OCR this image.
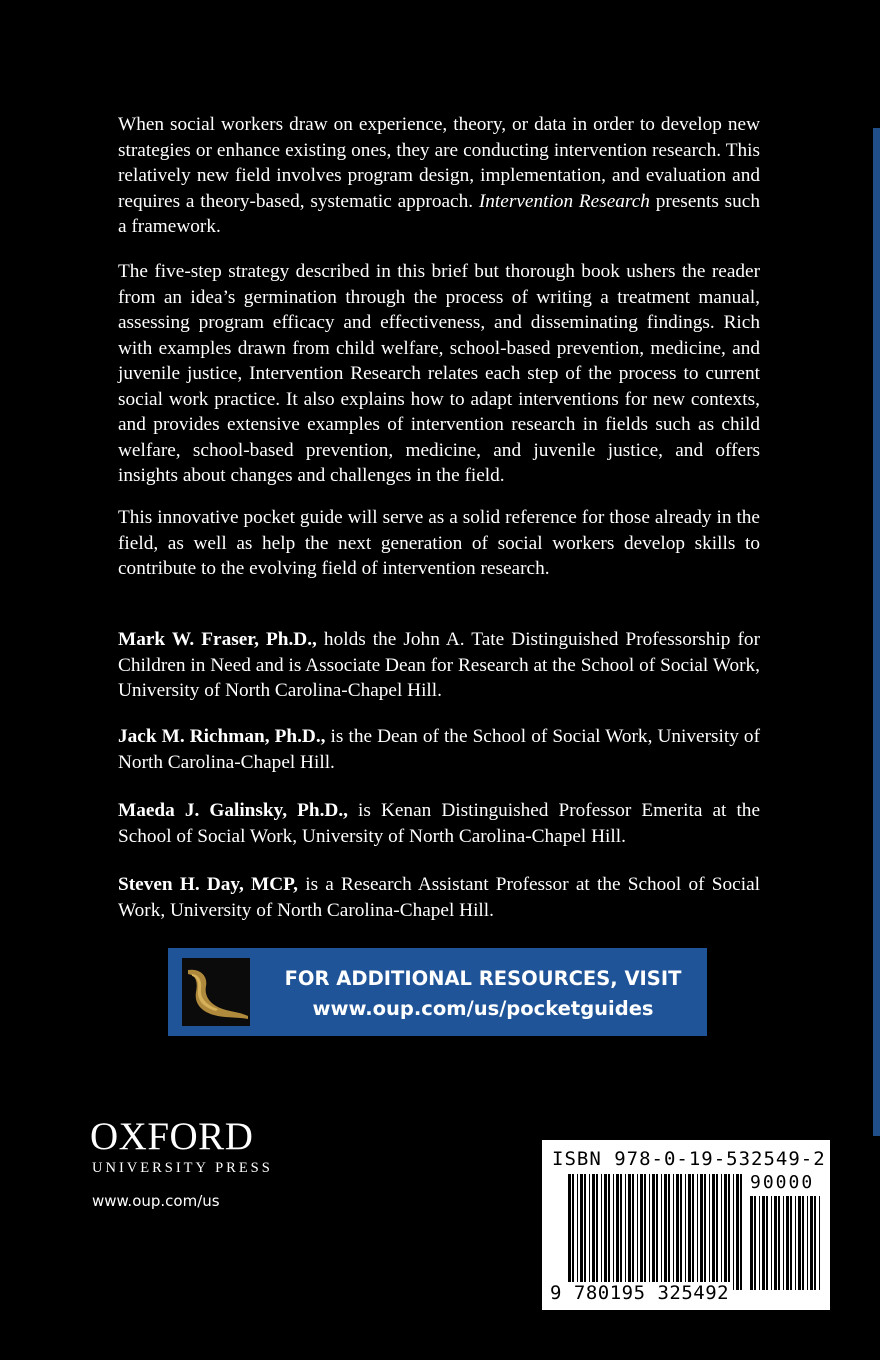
When social workers draw on experience, theory, or data in order to develop new strategies or enhance existing ones, they are conducting intervention research. This relatively new field involves program design, implementation, and evaluation and requires a theory-based, systematic approach. Intervention Research presents such a framework.

The five-step strategy described in this brief but thorough book ushers the reader from an idea’s germination through the process of writing a treatment manual, assessing program efficacy and effectiveness, and disseminating findings. Rich with examples drawn from child welfare, school-based prevention, medicine, and juvenile justice, Intervention Research relates each step of the process to current social work practice. It also explains how to adapt interventions for new contexts, and provides extensive examples of intervention research in fields such as child welfare, school-based prevention, medicine, and juvenile justice, and offers insights about changes and challenges in the field.

This innovative pocket guide will serve as a solid reference for those already in the field, as well as help the next generation of social workers develop skills to contribute to the evolving field of intervention research.

Mark W. Fraser, Ph.D., holds the John A. Tate Distinguished Professorship for Children in Need and is Associate Dean for Research at the School of Social Work, University of North Carolina-Chapel Hill.

Jack M. Richman, Ph.D., is the Dean of the School of Social Work, University of North Carolina-Chapel Hill.

Maeda J. Galinsky, Ph.D., is Kenan Distinguished Professor Emerita at the School of Social Work, University of North Carolina-Chapel Hill.

Steven H. Day, MCP, is a Research Assistant Professor at the School of Social Work, University of North Carolina-Chapel Hill.

FOR ADDITIONAL RESOURCES, VISIT
www.oup.com/us/pocketguides
OXFORD
UNIVERSITY PRESS
www.oup.com/us
ISBN 978-0-19-532549-2
90000
9 780195 325492
